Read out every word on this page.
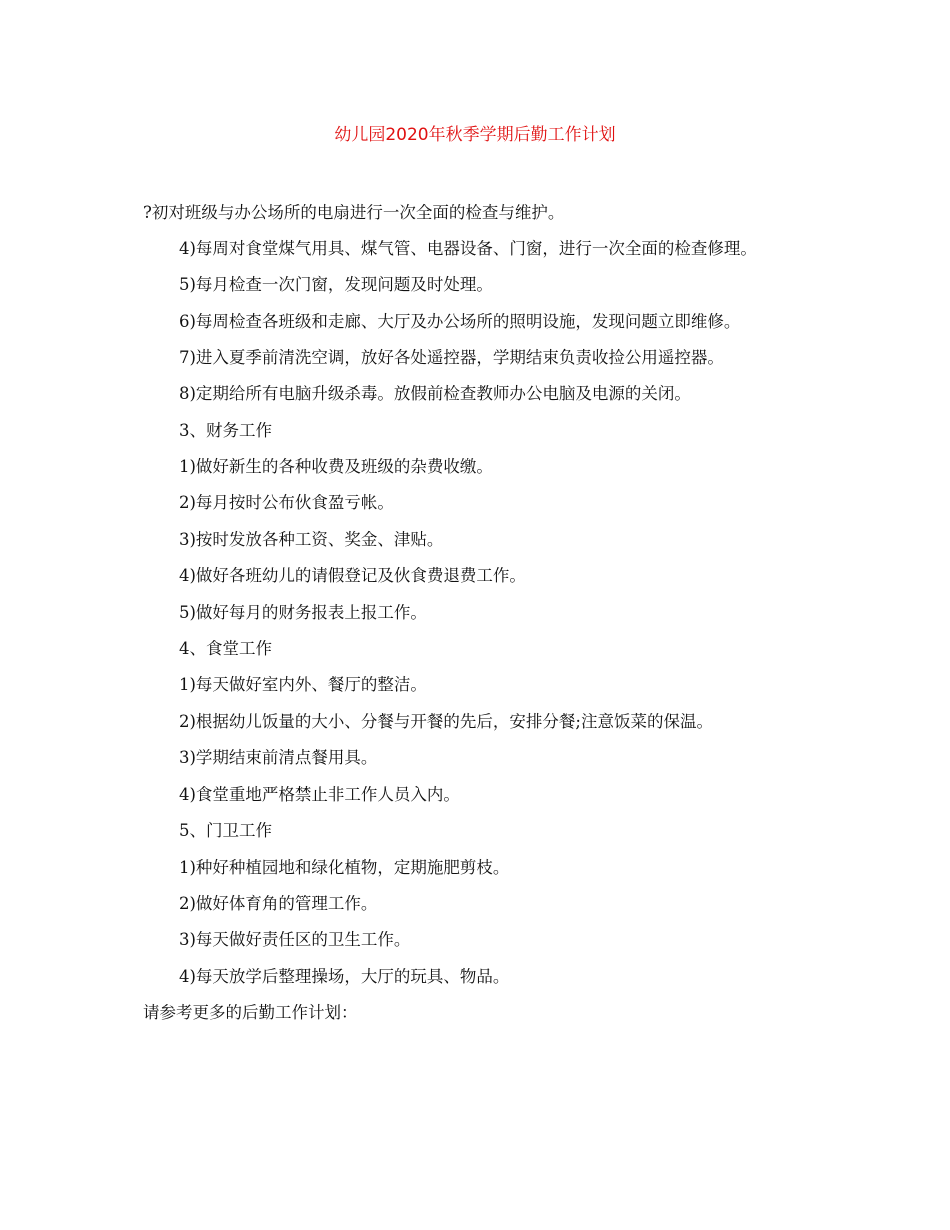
幼儿园2020年秋季学期后勤工作计划

?初对班级与办公场所的电扇进行一次全面的检查与维护。

4)每周对食堂煤气用具、煤气管、电器设备、门窗，进行一次全面的检查修理。

5)每月检查一次门窗，发现问题及时处理。

6)每周检查各班级和走廊、大厅及办公场所的照明设施，发现问题立即维修。

7)进入夏季前清洗空调，放好各处遥控器，学期结束负责收捡公用遥控器。

8)定期给所有电脑升级杀毒。放假前检查教师办公电脑及电源的关闭。

3、财务工作

1)做好新生的各种收费及班级的杂费收缴。

2)每月按时公布伙食盈亏帐。

3)按时发放各种工资、奖金、津贴。

4)做好各班幼儿的请假登记及伙食费退费工作。

5)做好每月的财务报表上报工作。

4、食堂工作

1)每天做好室内外、餐厅的整洁。

2)根据幼儿饭量的大小、分餐与开餐的先后，安排分餐;注意饭菜的保温。

3)学期结束前清点餐用具。

4)食堂重地严格禁止非工作人员入内。

5、门卫工作

1)种好种植园地和绿化植物，定期施肥剪枝。

2)做好体育角的管理工作。

3)每天做好责任区的卫生工作。

4)每天放学后整理操场，大厅的玩具、物品。

请参考更多的后勤工作计划：
